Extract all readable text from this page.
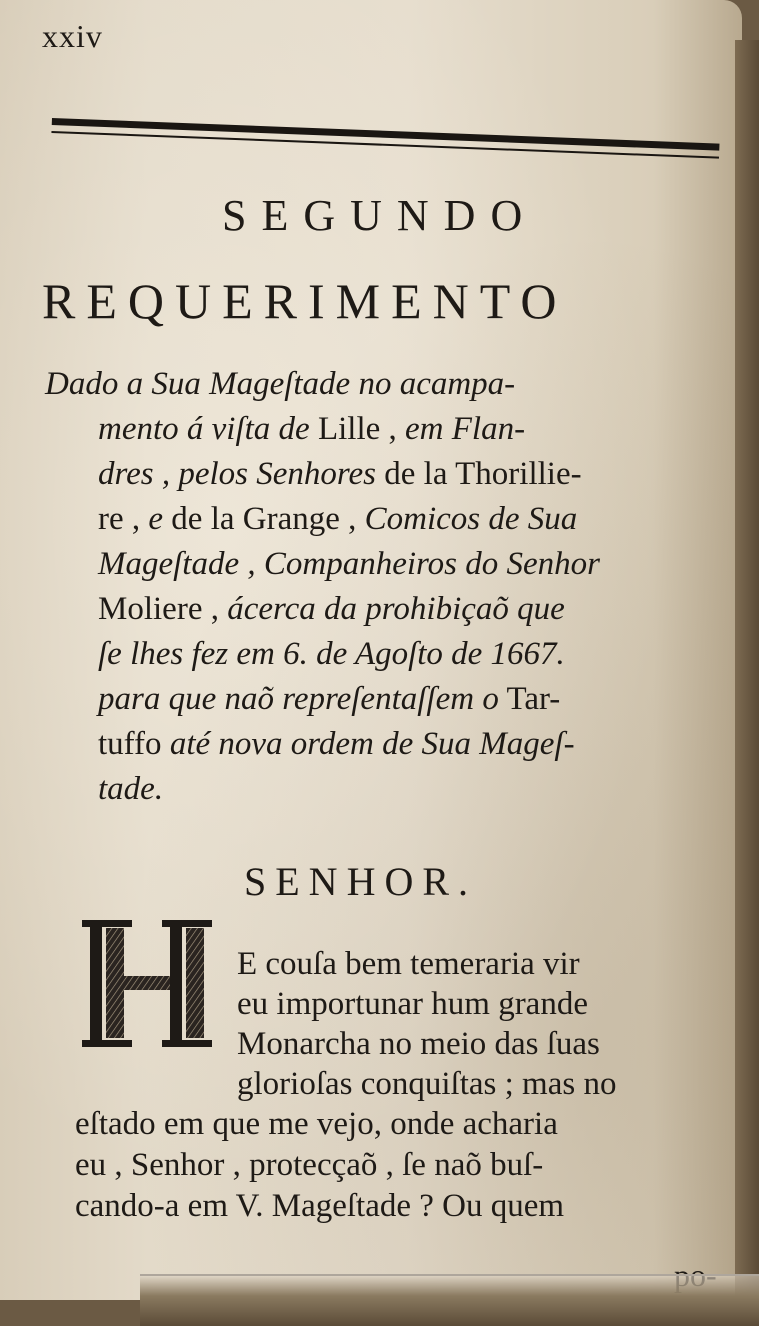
xxiv
SEGUNDO
REQUERIMENTO
Dado a Sua Mageſtade no acampa-
mento á viſta de Lille , em Flan-
dres , pelos Senhores de la Thorillie-
re , e de la Grange , Comicos de Sua
Mageſtade , Companheiros do Senhor
Moliere , ácerca da prohibiçaõ que
ſe lhes fez em 6. de Agoſto de 1667.
para que naõ repreſentaſſem o Tar-
tuffo até nova ordem de Sua Mageſ-
tade.
SENHOR.
E couſa bem temeraria vir
eu importunar hum grande
Monarcha no meio das ſuas
glorioſas conquiſtas ; mas no
eſtado em que me vejo, onde acharia
eu , Senhor , protecçaõ , ſe naõ buſ-
cando-a em V. Mageſtade ? Ou quem
